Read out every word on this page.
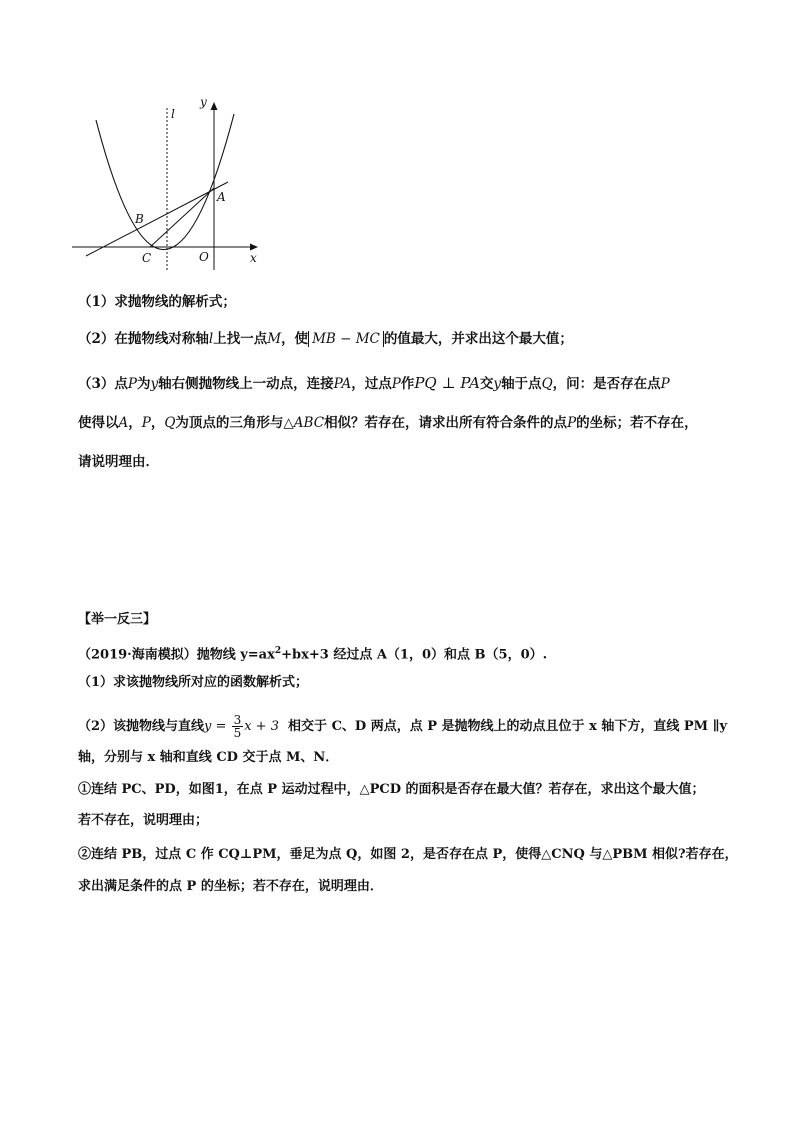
l
y
x
A
B
C	O
（1）求抛物线的解析式；
（2）在抛物线对称轴l上找一点M，使 MB − MC 的值最大，并求出这个最大值；
（3）点P为y轴右侧抛物线上一动点，连接PA，过点P作PQ ⊥ PA交y轴于点Q，问：是否存在点P
使得以A，P，Q为顶点的三角形与△ABC相似？若存在，请求出所有符合条件的点P的坐标；若不存在，
请说明理由．
【举一反三】
（2019·海南模拟）抛物线 $y=ax^2+bx+3$ 经过点 A（1，0）和点 B（5，0）.
（1）求该抛物线所对应的函数解析式；
（2）该抛物线与直线$y = \frac{3}{5}$ x + 3 相交于 C、D 两点，点 P 是抛物线上的动点且位于 x 轴下方，直线 PM ∥y
轴，分别与 x 轴和直线 CD 交于点 M、N．
①连结 PC、PD，如图1，在点 P 运动过程中，△PCD 的面积是否存在最大值？若存在，求出这个最大值；
若不存在，说明理由；
②连结 PB，过点 C 作 CQ⊥PM，垂足为点 Q，如图 2，是否存在点 P，使得△CNQ 与△PBM 相似?若存在，
求出满足条件的点 P 的坐标；若不存在，说明理由．
